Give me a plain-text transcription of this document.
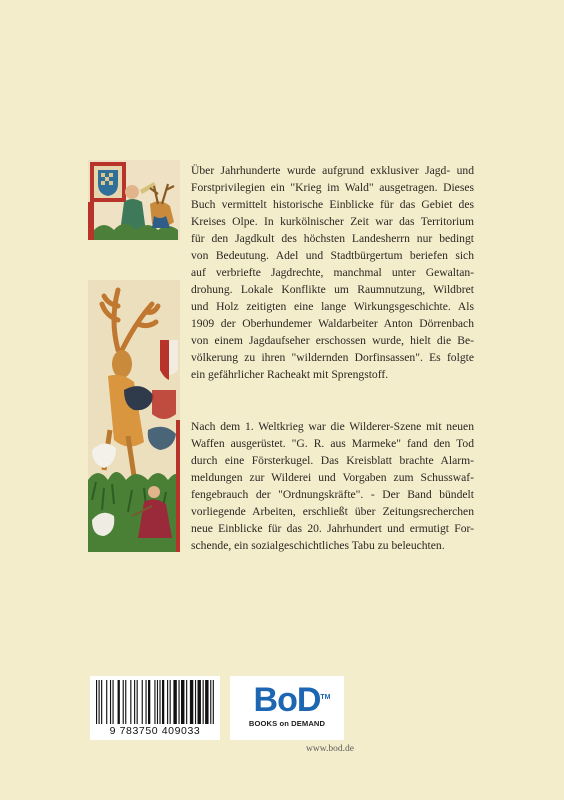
Über Jahrhunderte wurde aufgrund exklusiver Jagd- und
Forstprivilegien ein "Krieg im Wald" ausgetragen. Dieses
Buch vermittelt historische Einblicke für das Gebiet des
Kreises Olpe. In kurkölnischer Zeit war das Territorium
für den Jagdkult des höchsten Landesherrn nur bedingt
von Bedeutung. Adel und Stadtbürgertum beriefen sich
auf verbriefte Jagdrechte, manchmal unter Gewaltan-
drohung. Lokale Konflikte um Raumnutzung, Wildbret
und Holz zeitigten eine lange Wirkungsgeschichte. Als
1909 der Oberhundemer Waldarbeiter Anton Dörrenbach
von einem Jagdaufseher erschossen wurde, hielt die Be-
völkerung zu ihren "wildernden Dorfinsassen". Es folgte
ein gefährlicher Racheakt mit Sprengstoff.

Nach dem 1. Weltkrieg war die Wilderer-Szene mit neuen
Waffen ausgerüstet. "G. R. aus Marmeke" fand den Tod
durch eine Försterkugel. Das Kreisblatt brachte Alarm-
meldungen zur Wilderei und Vorgaben zum Schusswaf-
fengebrauch der "Ordnungskräfte". - Der Band bündelt
vorliegende Arbeiten, erschließt über Zeitungsrecherchen
neue Einblicke für das 20. Jahrhundert und ermutigt For-
schende, ein sozialgeschichtliches Tabu zu beleuchten.

9 783750 409033
BoD TM
BOOKS on DEMAND
www.bod.de
